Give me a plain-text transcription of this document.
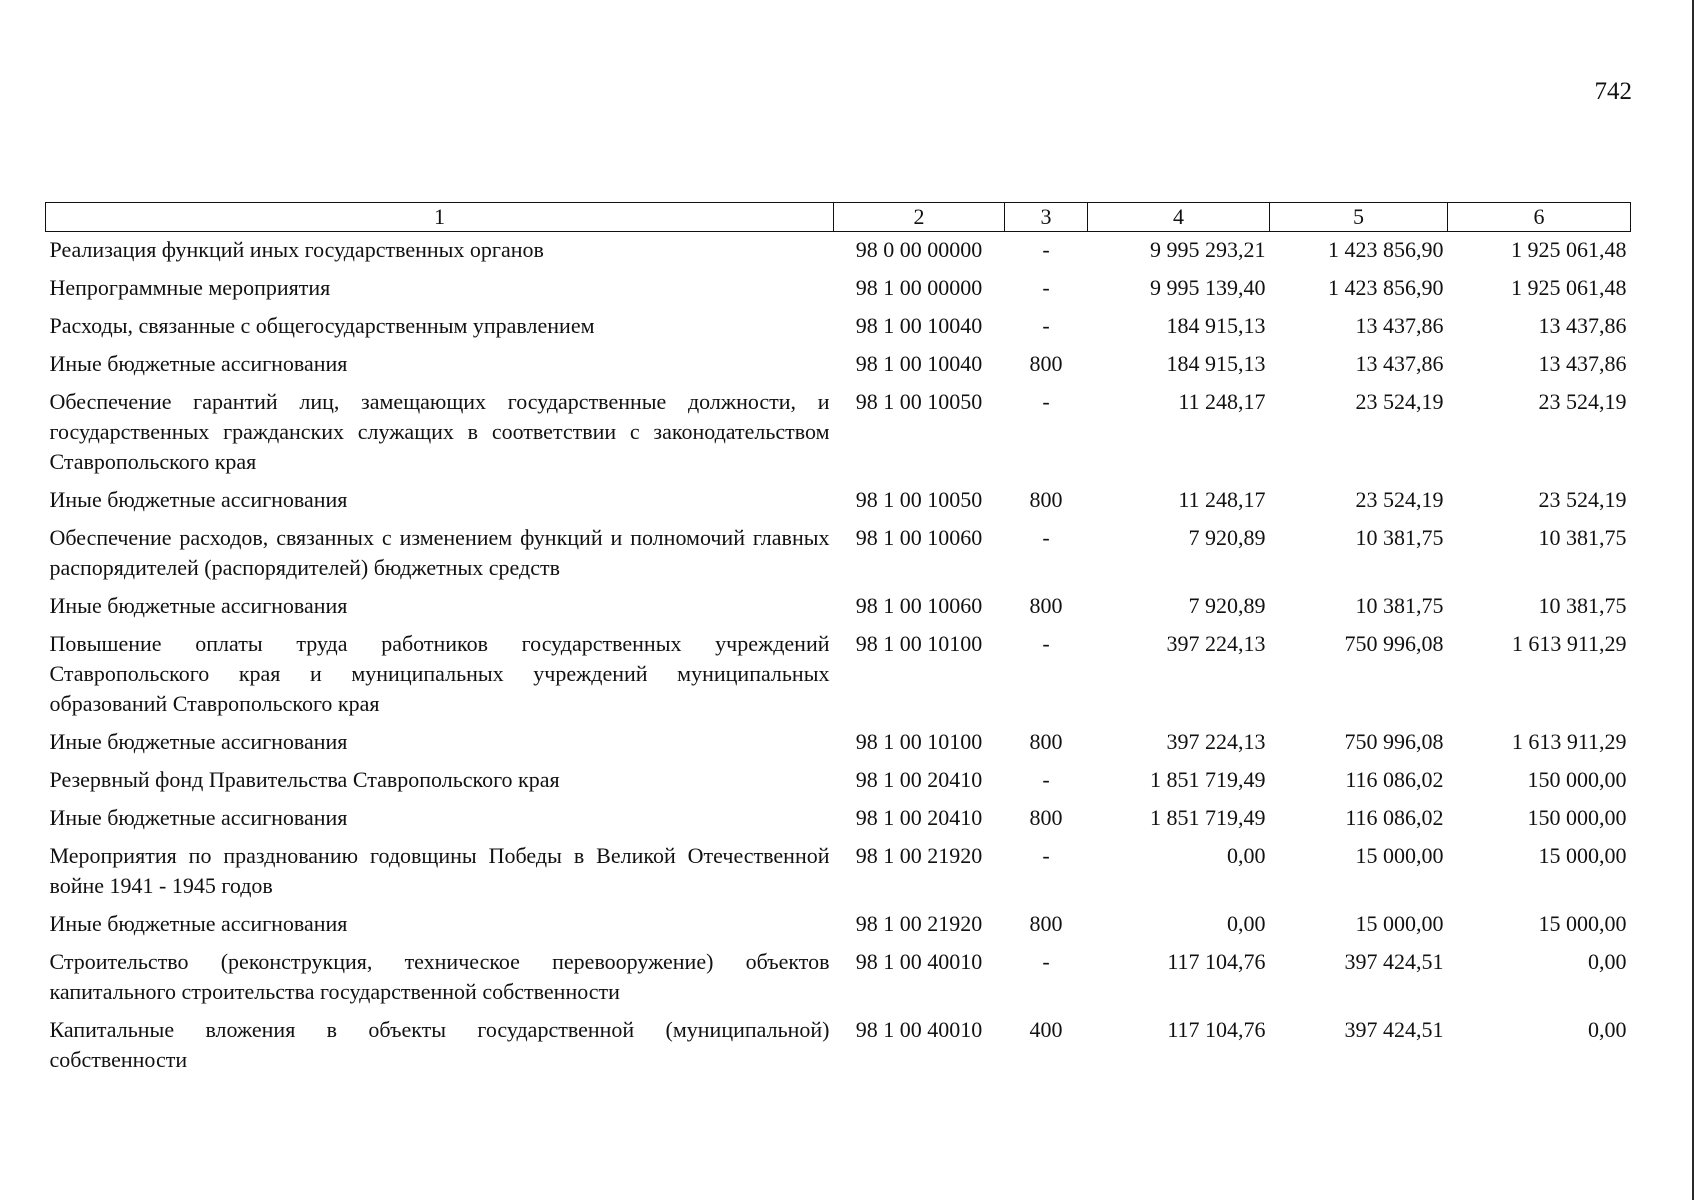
742
1	2	3	4	5	6
Реализация функций иных государственных органов	98 0 00 00000	-	9 995 293,21	1 423 856,90	1 925 061,48
Непрограммные мероприятия	98 1 00 00000	-	9 995 139,40	1 423 856,90	1 925 061,48
Расходы, связанные с общегосударственным управлением	98 1 00 10040	-	184 915,13	13 437,86	13 437,86
Иные бюджетные ассигнования	98 1 00 10040	800	184 915,13	13 437,86	13 437,86
Обеспечение гарантий лиц, замещающих государственные должности, и государственных гражданских служащих в соответствии с законодательством Ставропольского края	98 1 00 10050	-	11 248,17	23 524,19	23 524,19
Иные бюджетные ассигнования	98 1 00 10050	800	11 248,17	23 524,19	23 524,19
Обеспечение расходов, связанных с изменением функций и полномочий главных распорядителей (распорядителей) бюджетных средств	98 1 00 10060	-	7 920,89	10 381,75	10 381,75
Иные бюджетные ассигнования	98 1 00 10060	800	7 920,89	10 381,75	10 381,75
Повышение оплаты труда работников государственных учреждений Ставропольского края и муниципальных учреждений муниципальных образований Ставропольского края	98 1 00 10100	-	397 224,13	750 996,08	1 613 911,29
Иные бюджетные ассигнования	98 1 00 10100	800	397 224,13	750 996,08	1 613 911,29
Резервный фонд Правительства Ставропольского края	98 1 00 20410	-	1 851 719,49	116 086,02	150 000,00
Иные бюджетные ассигнования	98 1 00 20410	800	1 851 719,49	116 086,02	150 000,00
Мероприятия по празднованию годовщины Победы в Великой Отечественной войне 1941 - 1945 годов	98 1 00 21920	-	0,00	15 000,00	15 000,00
Иные бюджетные ассигнования	98 1 00 21920	800	0,00	15 000,00	15 000,00
Строительство (реконструкция, техническое перевооружение) объектов капитального строительства государственной собственности	98 1 00 40010	-	117 104,76	397 424,51	0,00
Капитальные вложения в объекты государственной (муниципальной) собственности	98 1 00 40010	400	117 104,76	397 424,51	0,00
